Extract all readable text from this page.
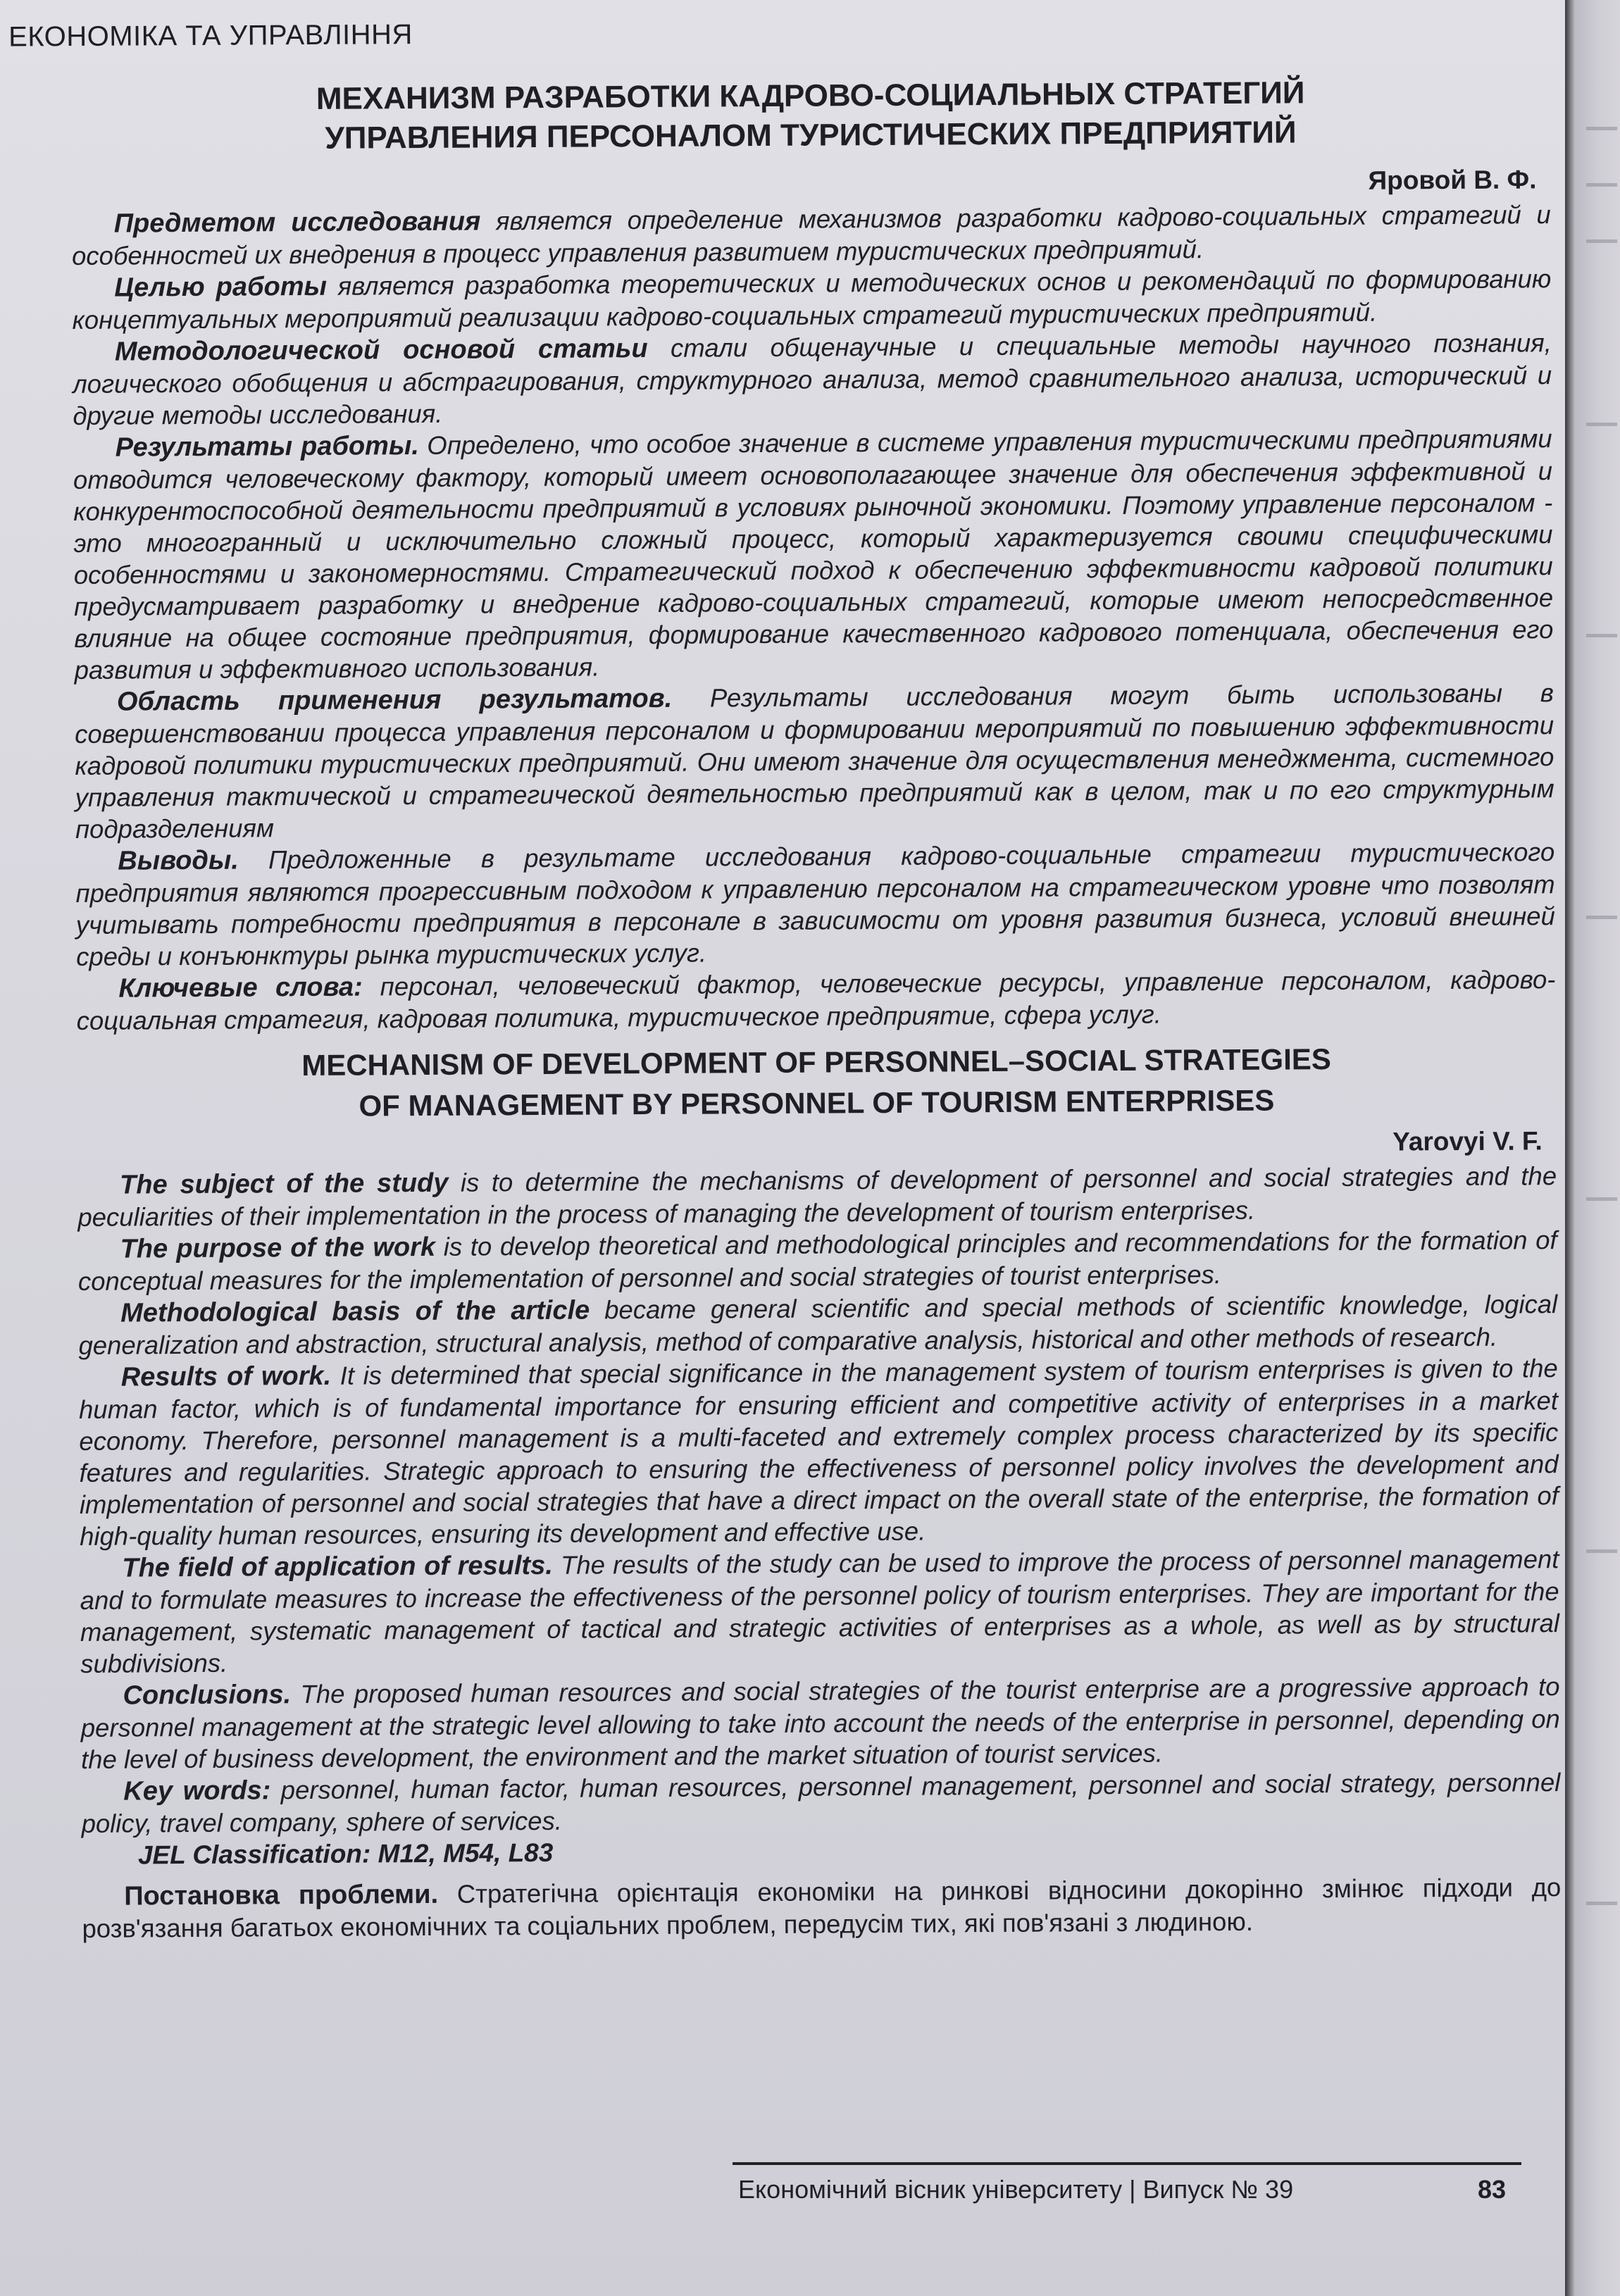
ЕКОНОМІКА ТА УПРАВЛІННЯ
МЕХАНИЗМ РАЗРАБОТКИ КАДРОВО-СОЦИАЛЬНЫХ СТРАТЕГИЙ
УПРАВЛЕНИЯ ПЕРСОНАЛОМ ТУРИСТИЧЕСКИХ ПРЕДПРИЯТИЙ
Яровой В. Ф.

Предметом исследования является определение механизмов разработки кадрово-социальных стратегий и особенностей их внедрения в процесс управления развитием туристических предприятий.

Целью работы является разработка теоретических и методических основ и рекомендаций по формированию концептуальных мероприятий реализации кадрово-социальных стратегий туристических предприятий.

Методологической основой статьи стали общенаучные и специальные методы научного познания, логического обобщения и абстрагирования, структурного анализа, метод сравнительного анализа, исторический и другие методы исследования.

Результаты работы. Определено, что особое значение в системе управления туристическими предприятиями отводится человеческому фактору, который имеет основополагающее значение для обеспечения эффективной и конкурентоспособной деятельности предприятий в условиях рыночной экономики. Поэтому управление персоналом - это многогранный и исключительно сложный процесс, который характеризуется своими специфическими особенностями и закономерностями. Стратегический подход к обеспечению эффективности кадровой политики предусматривает разработку и внедрение кадрово-социальных стратегий, которые имеют непосредственное влияние на общее состояние предприятия, формирование качественного кадрового потенциала, обеспечения его развития и эффективного использования.

Область применения результатов. Результаты исследования могут быть использованы в совершенствовании процесса управления персоналом и формировании мероприятий по повышению эффективности кадровой политики туристических предприятий. Они имеют значение для осуществления менеджмента, системного управления тактической и стратегической деятельностью предприятий как в целом, так и по его структурным подразделениям

Выводы. Предложенные в результате исследования кадрово-социальные стратегии туристического предприятия являются прогрессивным подходом к управлению персоналом на стратегическом уровне что позволят учитывать потребности предприятия в персонале в зависимости от уровня развития бизнеса, условий внешней среды и конъюнктуры рынка туристических услуг.

Ключевые слова: персонал, человеческий фактор, человеческие ресурсы, управление персоналом, кадрово-социальная стратегия, кадровая политика, туристическое предприятие, сфера услуг.

MECHANISM OF DEVELOPMENT OF PERSONNEL–SOCIAL STRATEGIES
OF MANAGEMENT BY PERSONNEL OF TOURISM ENTERPRISES
Yarovyi V. F.

The subject of the study is to determine the mechanisms of development of personnel and social strategies and the peculiarities of their implementation in the process of managing the development of tourism enterprises.

The purpose of the work is to develop theoretical and methodological principles and recommendations for the formation of conceptual measures for the implementation of personnel and social strategies of tourist enterprises.

Methodological basis of the article became general scientific and special methods of scientific knowledge, logical generalization and abstraction, structural analysis, method of comparative analysis, historical and other methods of research.

Results of work. It is determined that special significance in the management system of tourism enterprises is given to the human factor, which is of fundamental importance for ensuring efficient and competitive activity of enterprises in a market economy. Therefore, personnel management is a multi-faceted and extremely complex process characterized by its specific features and regularities. Strategic approach to ensuring the effectiveness of personnel policy involves the development and implementation of personnel and social strategies that have a direct impact on the overall state of the enterprise, the formation of high-quality human resources, ensuring its development and effective use.

The field of application of results. The results of the study can be used to improve the process of personnel management and to formulate measures to increase the effectiveness of the personnel policy of tourism enterprises. They are important for the management, systematic management of tactical and strategic activities of enterprises as a whole, as well as by structural subdivisions.

Conclusions. The proposed human resources and social strategies of the tourist enterprise are a progressive approach to personnel management at the strategic level allowing to take into account the needs of the enterprise in personnel, depending on the level of business development, the environment and the market situation of tourist services.

Key words: personnel, human factor, human resources, personnel management, personnel and social strategy, personnel policy, travel company, sphere of services.

JEL Classification: M12, M54, L83

Постановка проблеми. Стратегічна орієнтація економіки на ринкові відносини докорінно змінює підходи до розв'язання багатьох економічних та соціальних проблем, передусім тих, які пов'язані з людиною.

Економічний вісник університету | Випуск № 39	83
